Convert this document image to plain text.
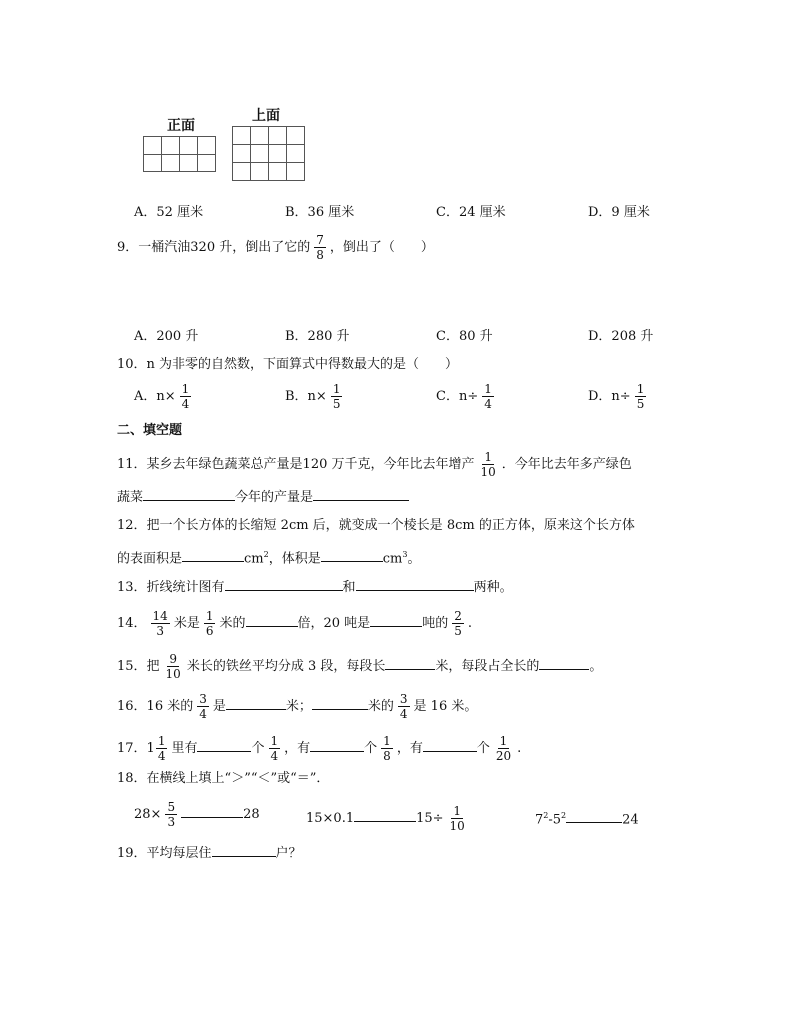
正面

上面

A．52 厘米	B．36 厘米	C．24 厘米	D．9 厘米
9．一桶汽油320 升，倒出了它的 $\frac{7}{8}$ ，倒出了（　　）
A．200 升	B．280 升	C．80 升	D．208 升
10．n 为非零的自然数，下面算式中得数最大的是（　　）
A．$n\times \frac{1}{4}$	B．$n\times \frac{1}{5}$	C．$n\div \frac{1}{4}$	D．$n\div \frac{1}{5}$
二、填空题
11．某乡去年绿色蔬菜总产量是120 万千克，今年比去年增产 $\frac{1}{10}$ ．今年比去年多产绿色
蔬菜	今年的产量是
12．把一个长方体的长缩短 2cm 后，就变成一个棱长是 8cm 的正方体，原来这个长方体
的表面积是	$cm^2$，体积是	$cm^3$。
13．折线统计图有	和	两种。
14． $\frac{14}{3}$ 米是 $\frac{1}{6}$ 米的	倍，20 吨是	吨的 $\frac{2}{5}$ .
15．把 $\frac{9}{10}$ 米长的铁丝平均分成 3 段，每段长	米，每段占全长的	。
16．16 米的 $\frac{3}{4}$ 是	米；	米的 $\frac{3}{4}$ 是 16 米。
17．$1 \frac{1}{4}$ 里有	个 $\frac{1}{4}$ ，有	个 $\frac{1}{8}$ ，有	个 $\frac{1}{20}$ .
18．在横线上填上“＞”“＜”或“＝”．
$28\times \frac{5}{3}$	28	15×0.1	$15\div \frac{1}{10}$	$7^2-5^2$	24
19．平均每层住	户？
